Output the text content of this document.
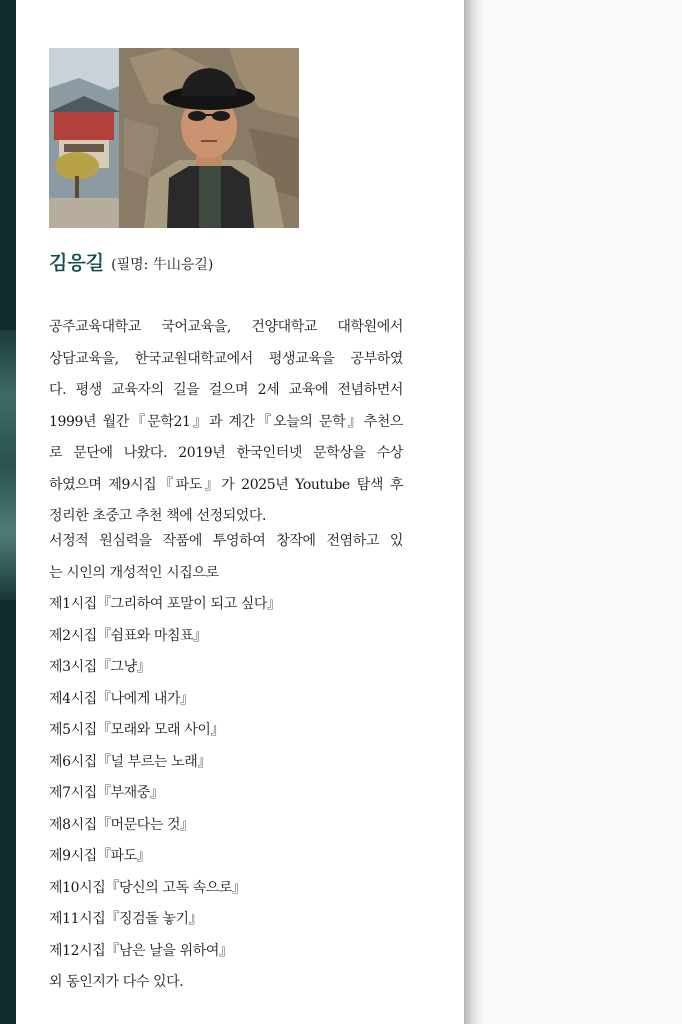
김응길 (필명: 牛山응길)
공주교육대학교 국어교육을, 건양대학교 대학원에서
상담교육을, 한국교원대학교에서 평생교육을 공부하였
다. 평생 교육자의 길을 걸으며 2세 교육에 전념하면서
1999년 월간『문학21』과 계간『오늘의 문학』추천으
로 문단에 나왔다. 2019년 한국인터넷 문학상을 수상
하였으며 제9시집『파도』가 2025년 Youtube 탐색 후
정리한 초중고 추천 책에 선정되었다.
서정적 원심력을 작품에 투영하여 창작에 전염하고 있
는 시인의 개성적인 시집으로
제1시집『그리하여 포말이 되고 싶다』
제2시집『쉼표와 마침표』
제3시집『그냥』
제4시집『나에게 내가』
제5시집『모래와 모래 사이』
제6시집『널 부르는 노래』
제7시집『부재중』
제8시집『머문다는 것』
제9시집『파도』
제10시집『당신의 고독 속으로』
제11시집『징검돌 놓기』
제12시집『남은 날을 위하여』
외 동인지가 다수 있다.
